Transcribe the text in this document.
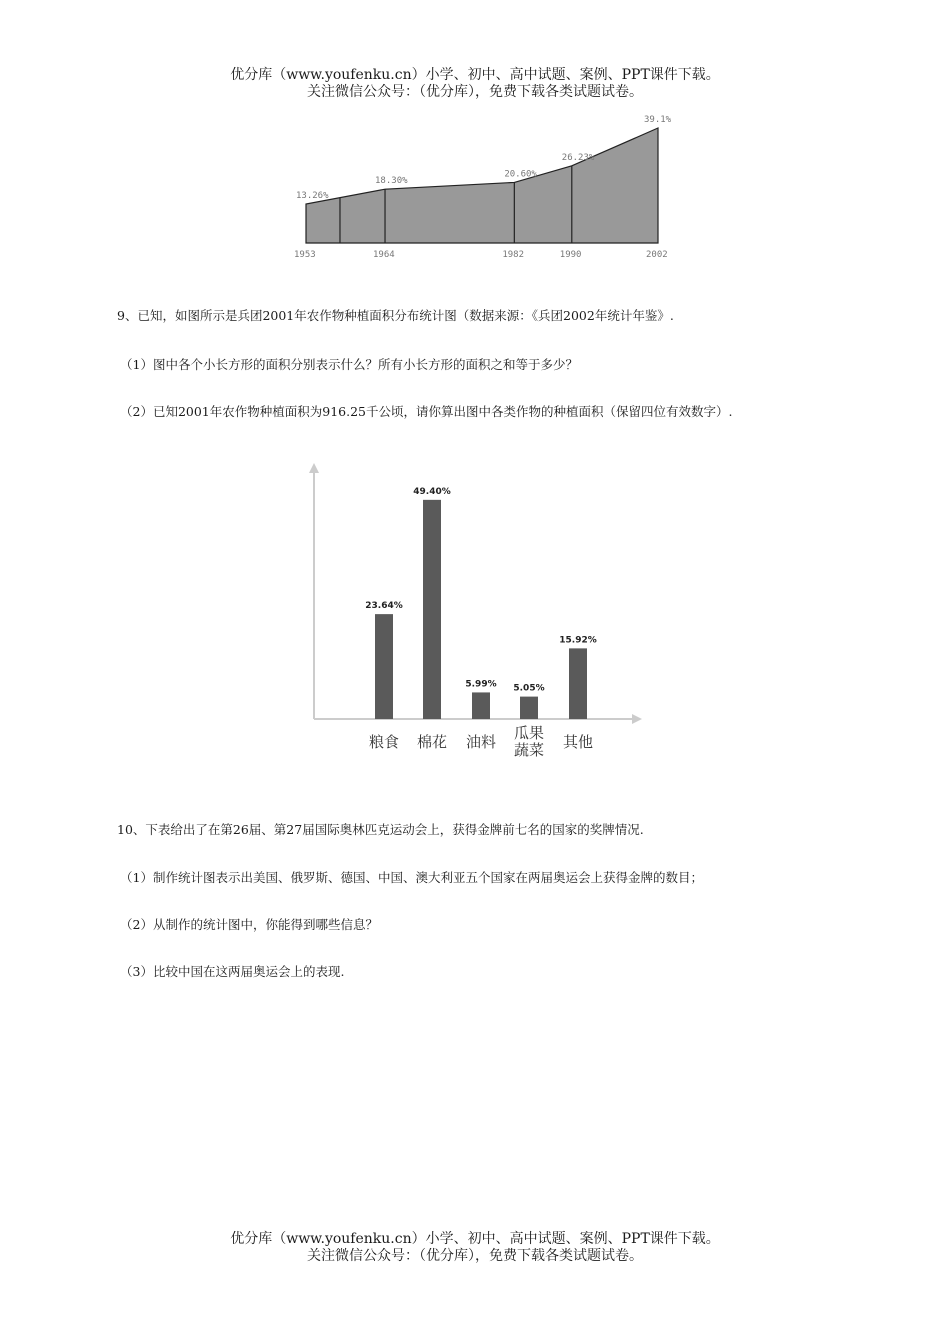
优分库（www.youfenku.cn）小学、初中、高中试题、案例、PPT课件下载。
关注微信公众号：（优分库），免费下载各类试题试卷。
13.26%
18.30%
20.60%
26.23%
39.1%
1953	1964	1982	1990	2002
9、已知，如图所示是兵团2001年农作物种植面积分布统计图（数据来源：《兵团2002年统计年鉴》.
（1）图中各个小长方形的面积分别表示什么？所有小长方形的面积之和等于多少？
（2）已知2001年农作物种植面积为916.25千公顷，请你算出图中各类作物的种植面积（保留四位有效数字）.
23.64%
粮食
49.40%
棉花
5.99%
油料
5.05%
瓜果
蔬菜
15.92%
其他
10、下表给出了在第26届、第27届国际奥林匹克运动会上，获得金牌前七名的国家的奖牌情况.
（1）制作统计图表示出美国、俄罗斯、德国、中国、澳大利亚五个国家在两届奥运会上获得金牌的数目；
（2）从制作的统计图中，你能得到哪些信息？
（3）比较中国在这两届奥运会上的表现.
优分库（www.youfenku.cn）小学、初中、高中试题、案例、PPT课件下载。
关注微信公众号：（优分库），免费下载各类试题试卷。
